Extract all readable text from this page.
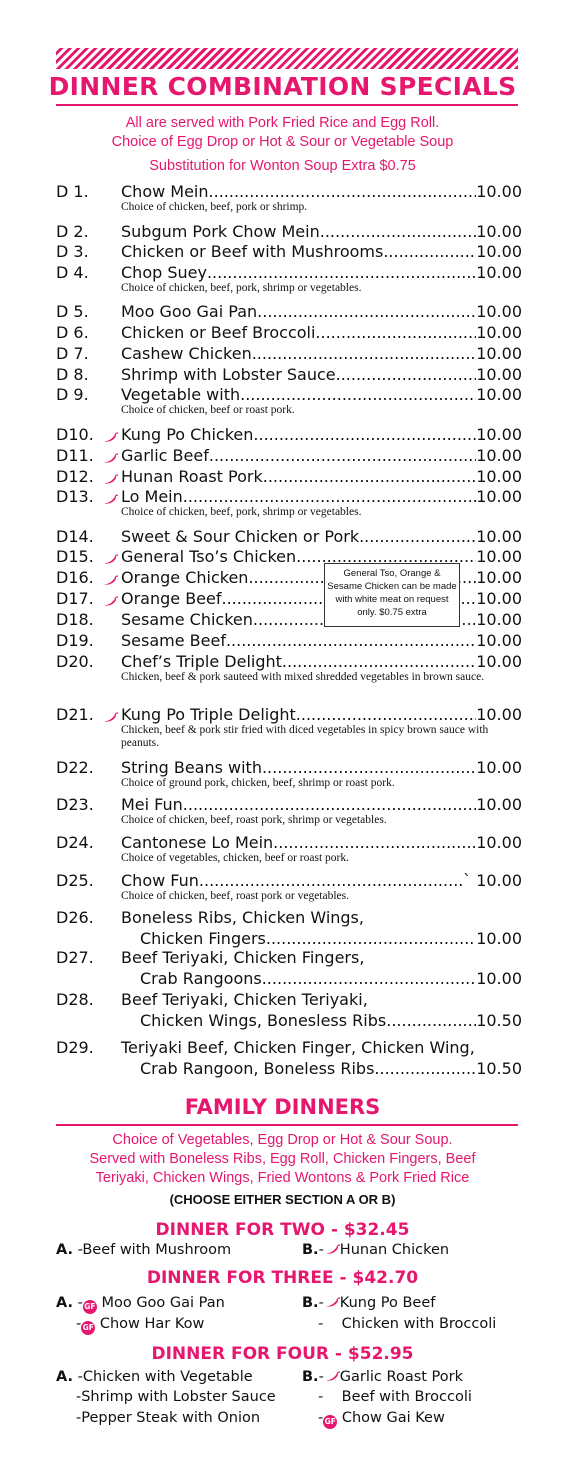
DINNER COMBINATION SPECIALS
All are served with Pork Fried Rice and Egg Roll.
Choice of Egg Drop or Hot & Sour or Vegetable Soup
Substitution for Wonton Soup Extra $0.75
D 1.	Chow Mein .....	10.00
Choice of chicken, beef, pork or shrimp.
D 2.	Subgum Pork Chow Mein .....	10.00
D 3.	Chicken or Beef with Mushrooms .....	10.00
D 4.	Chop Suey .....	10.00
Choice of chicken, beef, pork, shrimp or vegetables.
D 5.	Moo Goo Gai Pan .....	10.00
D 6.	Chicken or Beef Broccoli .....	10.00
D 7.	Cashew Chicken .....	10.00
D 8.	Shrimp with Lobster Sauce .....	10.00
D 9.	Vegetable with .....	10.00
Choice of chicken, beef or roast pork.
D10.	Kung Po Chicken .....	10.00
D11.	Garlic Beef .....	10.00
D12.	Hunan Roast Pork .....	10.00
D13.	Lo Mein .....	10.00
Choice of chicken, beef, pork, shrimp or vegetables.
D14.	Sweet & Sour Chicken or Pork .....	10.00
D15.	General Tso’s Chicken .....	10.00
D16.	Orange Chicken .....	10.00
D17.	Orange Beef .....	10.00
D18.	Sesame Chicken .....	10.00
D19.	Sesame Beef .....	10.00
D20.	Chef’s Triple Delight .....	10.00
Chicken, beef & pork sauteed with mixed shredded vegetables in brown sauce.
D21.	Kung Po Triple Delight .....	10.00
Chicken, beef & pork stir fried with diced vegetables in spicy brown sauce with peanuts.
D22.	String Beans with .....	10.00
Choice of ground pork, chicken, beef, shrimp or roast pork.
D23.	Mei Fun .....	10.00
Choice of chicken, beef, roast pork, shrimp or vegetables.
D24.	Cantonese Lo Mein .....	10.00
Choice of vegetables, chicken, beef or roast pork.
D25.	Chow Fun .....	` 10.00
Choice of chicken, beef, roast pork or vegetables.
D26.	Boneless Ribs, Chicken Wings,
Chicken Fingers .....	10.00
D27.	Beef Teriyaki, Chicken Fingers,
Crab Rangoons .....	10.00
D28.	Beef Teriyaki, Chicken Teriyaki,
Chicken Wings, Bonesless Ribs .....	10.50
D29.	Teriyaki Beef, Chicken Finger, Chicken Wing,
Crab Rangoon, Boneless Ribs .....	10.50
General Tso, Orange & Sesame Chicken can be made with white meat on request only. $0.75 extra
FAMILY DINNERS
Choice of Vegetables, Egg Drop or Hot & Sour Soup.
Served with Boneless Ribs, Egg Roll, Chicken Fingers, Beef
Teriyaki, Chicken Wings, Fried Wontons & Pork Fried Rice
(CHOOSE EITHER SECTION A OR B)
DINNER FOR TWO - $32.45
A. -Beef with Mushroom	B.- Hunan Chicken
DINNER FOR THREE - $42.70
A. -GF Moo Goo Gai Pan
-GF Chow Har Kow
B.- Kung Po Beef
-    Chicken with Broccoli
DINNER FOR FOUR - $52.95
A. -Chicken with Vegetable
-Shrimp with Lobster Sauce
-Pepper Steak with Onion
B.- Garlic Roast Pork
-    Beef with Broccoli
-GF Chow Gai Kew
